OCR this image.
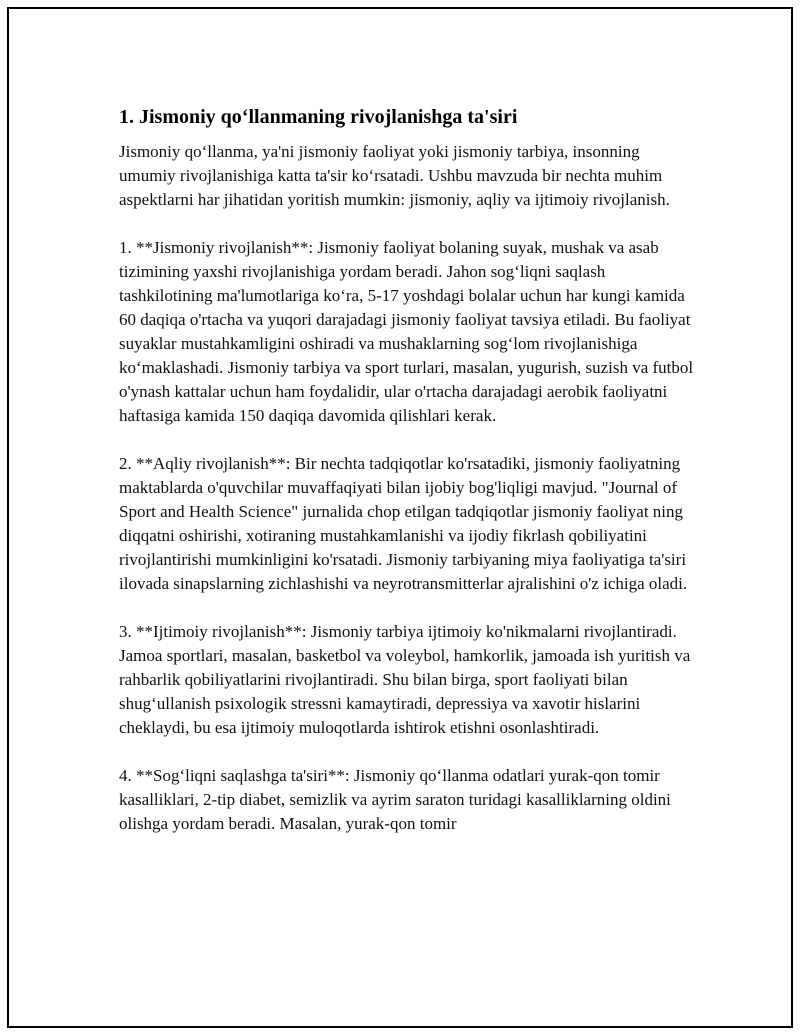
1. Jismoniy qo‘llanmaning rivojlanishga ta'siri

Jismoniy qo‘llanma, ya'ni jismoniy faoliyat yoki jismoniy tarbiya, insonning umumiy rivojlanishiga katta ta'sir ko‘rsatadi. Ushbu mavzuda bir nechta muhim aspektlarni har jihatidan yoritish mumkin: jismoniy, aqliy va ijtimoiy rivojlanish.

1. **Jismoniy rivojlanish**: Jismoniy faoliyat bolaning suyak, mushak va asab tizimining yaxshi rivojlanishiga yordam beradi. Jahon sog‘liqni saqlash tashkilotining ma'lumotlariga ko‘ra, 5-17 yoshdagi bolalar uchun har kungi kamida 60 daqiqa o'rtacha va yuqori darajadagi jismoniy faoliyat tavsiya etiladi. Bu faoliyat suyaklar mustahkamligini oshiradi va mushaklarning sog‘lom rivojlanishiga ko‘maklashadi. Jismoniy tarbiya va sport turlari, masalan, yugurish, suzish va futbol o'ynash kattalar uchun ham foydalidir, ular o'rtacha darajadagi aerobik faoliyatni haftasiga kamida 150 daqiqa davomida qilishlari kerak.

2. **Aqliy rivojlanish**: Bir nechta tadqiqotlar ko'rsatadiki, jismoniy faoliyatning maktablarda o'quvchilar muvaffaqiyati bilan ijobiy bog'liqligi mavjud. "Journal of Sport and Health Science" jurnalida chop etilgan tadqiqotlar jismoniy faoliyat ning diqqatni oshirishi, xotiraning mustahkamlanishi va ijodiy fikrlash qobiliyatini rivojlantirishi mumkinligini ko'rsatadi. Jismoniy tarbiyaning miya faoliyatiga ta'siri ilovada sinapslarning zichlashishi va neyrotransmitterlar ajralishini o'z ichiga oladi.

3. **Ijtimoiy rivojlanish**: Jismoniy tarbiya ijtimoiy ko'nikmalarni rivojlantiradi. Jamoa sportlari, masalan, basketbol va voleybol, hamkorlik, jamoada ish yuritish va rahbarlik qobiliyatlarini rivojlantiradi. Shu bilan birga, sport faoliyati bilan shug‘ullanish psixologik stressni kamaytiradi, depressiya va xavotir hislarini cheklaydi, bu esa ijtimoiy muloqotlarda ishtirok etishni osonlashtiradi.

4. **Sog‘liqni saqlashga ta'siri**: Jismoniy qo‘llanma odatlari yurak-qon tomir kasalliklari, 2-tip diabet, semizlik va ayrim saraton turidagi kasalliklarning oldini olishga yordam beradi. Masalan, yurak-qon tomir
